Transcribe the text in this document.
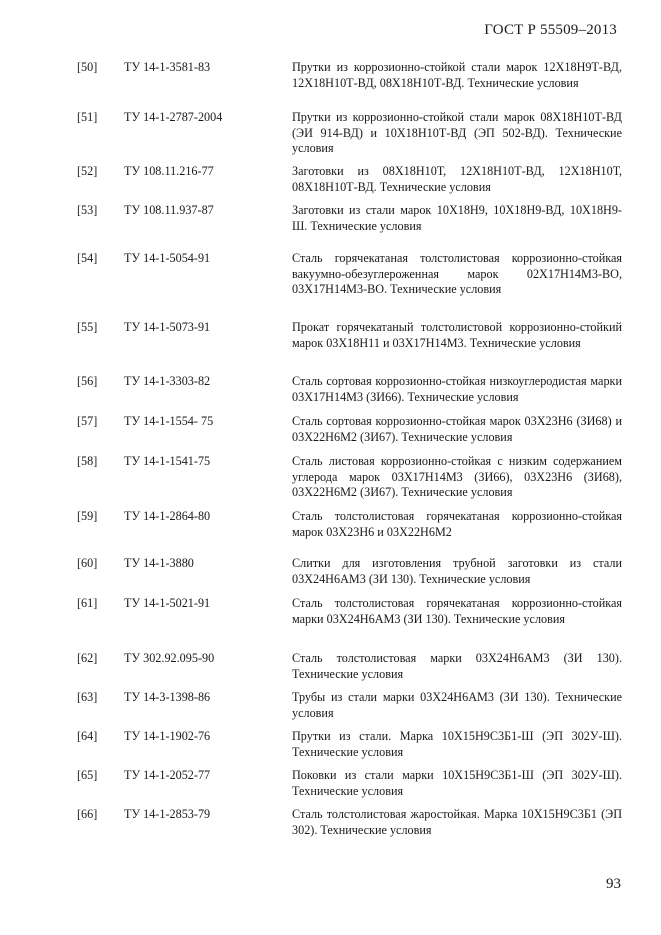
ГОСТ Р 55509–2013
[50] ТУ 14-1-3581-83	Прутки из коррозионно-стойкой стали марок 12Х18Н9Т-ВД, 12Х18Н10Т-ВД, 08Х18Н10Т-ВД. Технические условия
[51] ТУ 14-1-2787-2004	Прутки из коррозионно-стойкой стали марок 08Х18Н10Т-ВД (ЭИ 914-ВД) и 10Х18Н10Т-ВД (ЭП 502-ВД). Технические условия
[52] ТУ 108.11.216-77	Заготовки из 08Х18Н10Т, 12Х18Н10Т-ВД, 12Х18Н10Т, 08Х18Н10Т-ВД. Технические условия
[53] ТУ 108.11.937-87	Заготовки из стали марок 10Х18Н9, 10Х18Н9-ВД, 10Х18Н9-Ш. Технические условия
[54] ТУ 14-1-5054-91	Сталь горячекатаная толстолистовая коррозионно-стойкая вакуумно-обезуглероженная марок 02Х17Н14М3-ВО, 03Х17Н14М3-ВО. Технические условия
[55] ТУ 14-1-5073-91	Прокат горячекатаный толстолистовой коррозионно-стойкий марок 03Х18Н11 и 03Х17Н14М3. Технические условия
[56] ТУ 14-1-3303-82	Сталь сортовая коррозионно-стойкая низкоуглеродистая марки 03Х17Н14М3 (ЗИ66). Технические условия
[57] ТУ 14-1-1554- 75	Сталь сортовая коррозионно-стойкая марок 03Х23Н6 (ЗИ68) и 03Х22Н6М2 (ЗИ67). Технические условия
[58] ТУ 14-1-1541-75	Сталь листовая коррозионно-стойкая с низким содержанием углерода марок 03Х17Н14М3 (ЗИ66), 03Х23Н6 (ЗИ68), 03Х22Н6М2 (ЗИ67). Технические условия
[59] ТУ 14-1-2864-80	Сталь толстолистовая горячекатаная коррозионно-стойкая марок 03Х23Н6 и 03Х22Н6М2
[60] ТУ 14-1-3880	Слитки для изготовления трубной заготовки из стали 03Х24Н6АМ3 (ЗИ 130). Технические условия
[61] ТУ 14-1-5021-91	Сталь толстолистовая горячекатаная коррозионно-стойкая марки 03Х24Н6АМ3 (ЗИ 130). Технические условия
[62] ТУ 302.92.095-90	Сталь толстолистовая марки 03Х24Н6АМ3 (ЗИ 130). Технические условия
[63] ТУ 14-3-1398-86	Трубы из стали марки 03Х24Н6АМ3 (ЗИ 130). Технические условия
[64] ТУ 14-1-1902-76	Прутки из стали. Марка 10Х15Н9С3Б1-Ш (ЭП 302У-Ш). Технические условия
[65] ТУ 14-1-2052-77	Поковки из стали марки 10Х15Н9С3Б1-Ш (ЭП 302У-Ш). Технические условия
[66] ТУ 14-1-2853-79	Сталь толстолистовая жаростойкая. Марка 10Х15Н9С3Б1 (ЭП 302). Технические условия
93
